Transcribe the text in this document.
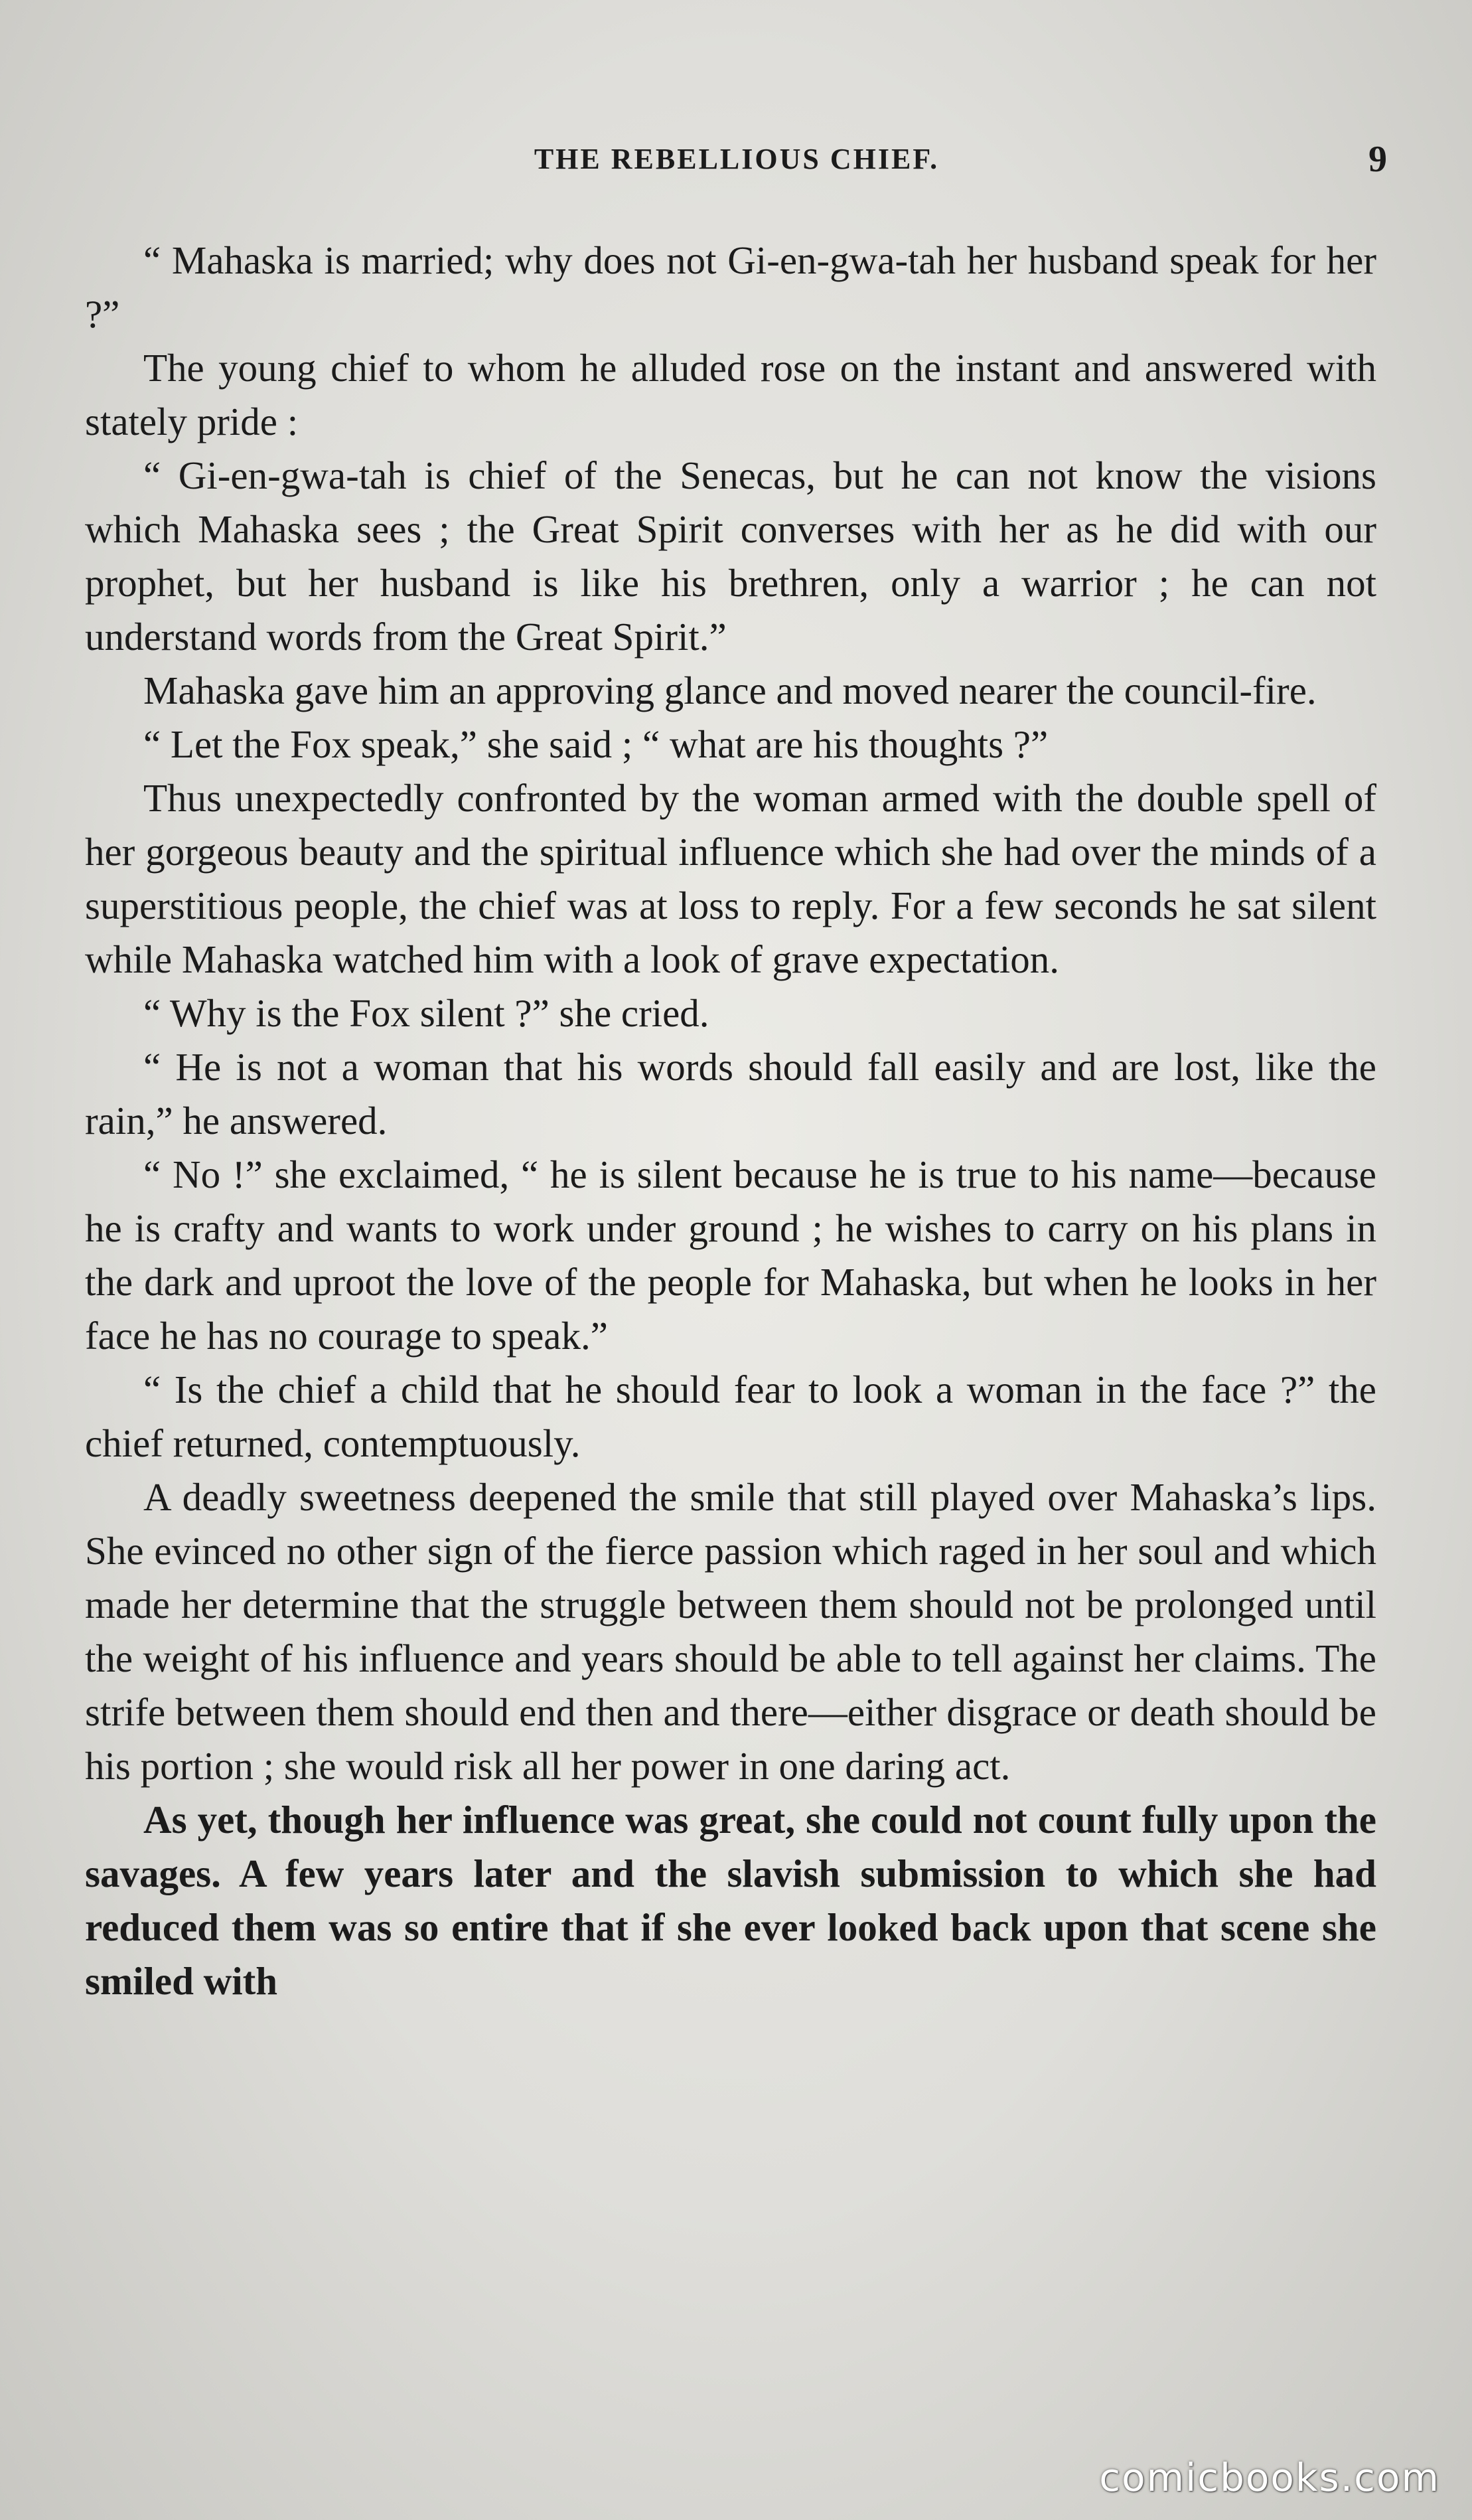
THE REBELLIOUS CHIEF.	9

“ Mahaska is married; why does not Gi-en-gwa-tah her husband speak for her ?”

The young chief to whom he alluded rose on the instant and answered with stately pride :

“ Gi-en-gwa-tah is chief of the Senecas, but he can not know the visions which Mahaska sees ; the Great Spirit converses with her as he did with our prophet, but her husband is like his brethren, only a warrior ; he can not understand words from the Great Spirit.”

Mahaska gave him an approving glance and moved nearer the council-fire.

“ Let the Fox speak,” she said ; “ what are his thoughts ?”

Thus unexpectedly confronted by the woman armed with the double spell of her gorgeous beauty and the spiritual influence which she had over the minds of a superstitious people, the chief was at loss to reply. For a few seconds he sat silent while Mahaska watched him with a look of grave expectation.

“ Why is the Fox silent ?” she cried.

“ He is not a woman that his words should fall easily and are lost, like the rain,” he answered.

“ No !” she exclaimed, “ he is silent because he is true to his name—because he is crafty and wants to work under ground ; he wishes to carry on his plans in the dark and uproot the love of the people for Mahaska, but when he looks in her face he has no courage to speak.”

“ Is the chief a child that he should fear to look a woman in the face ?” the chief returned, contemptuously.

A deadly sweetness deepened the smile that still played over Mahaska’s lips. She evinced no other sign of the fierce passion which raged in her soul and which made her determine that the struggle between them should not be prolonged until the weight of his influence and years should be able to tell against her claims. The strife between them should end then and there—either disgrace or death should be his portion ; she would risk all her power in one daring act.

As yet, though her influence was great, she could not count fully upon the savages. A few years later and the slavish submission to which she had reduced them was so entire that if she ever looked back upon that scene she smiled with

comicbooks.com
